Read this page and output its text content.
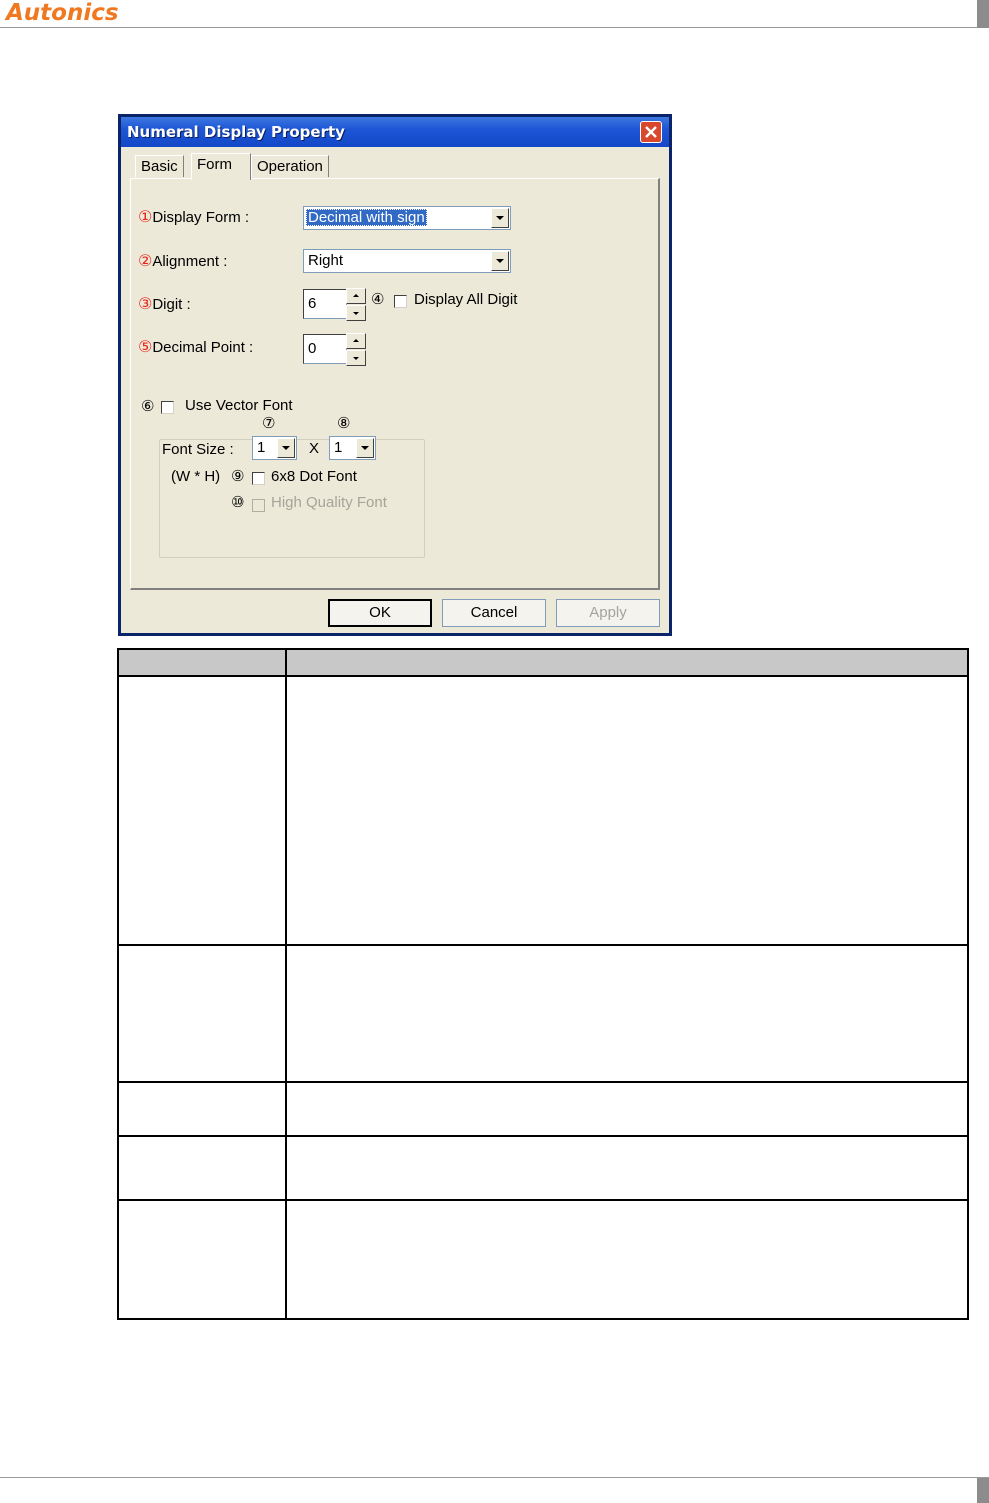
Autonics
Numeral Display Property
Basic	Form	Operation
①Display Form :	Decimal with sign
②Alignment :	Right
③Digit :	6	④ Display All Digit
⑤Decimal Point :	0
⑥ Use Vector Font
⑦	⑧
Font Size : 1	X 1
(W * H) ⑨ 6x8 Dot Font
⑩ High Quality Font
OK	Cancel	Apply
